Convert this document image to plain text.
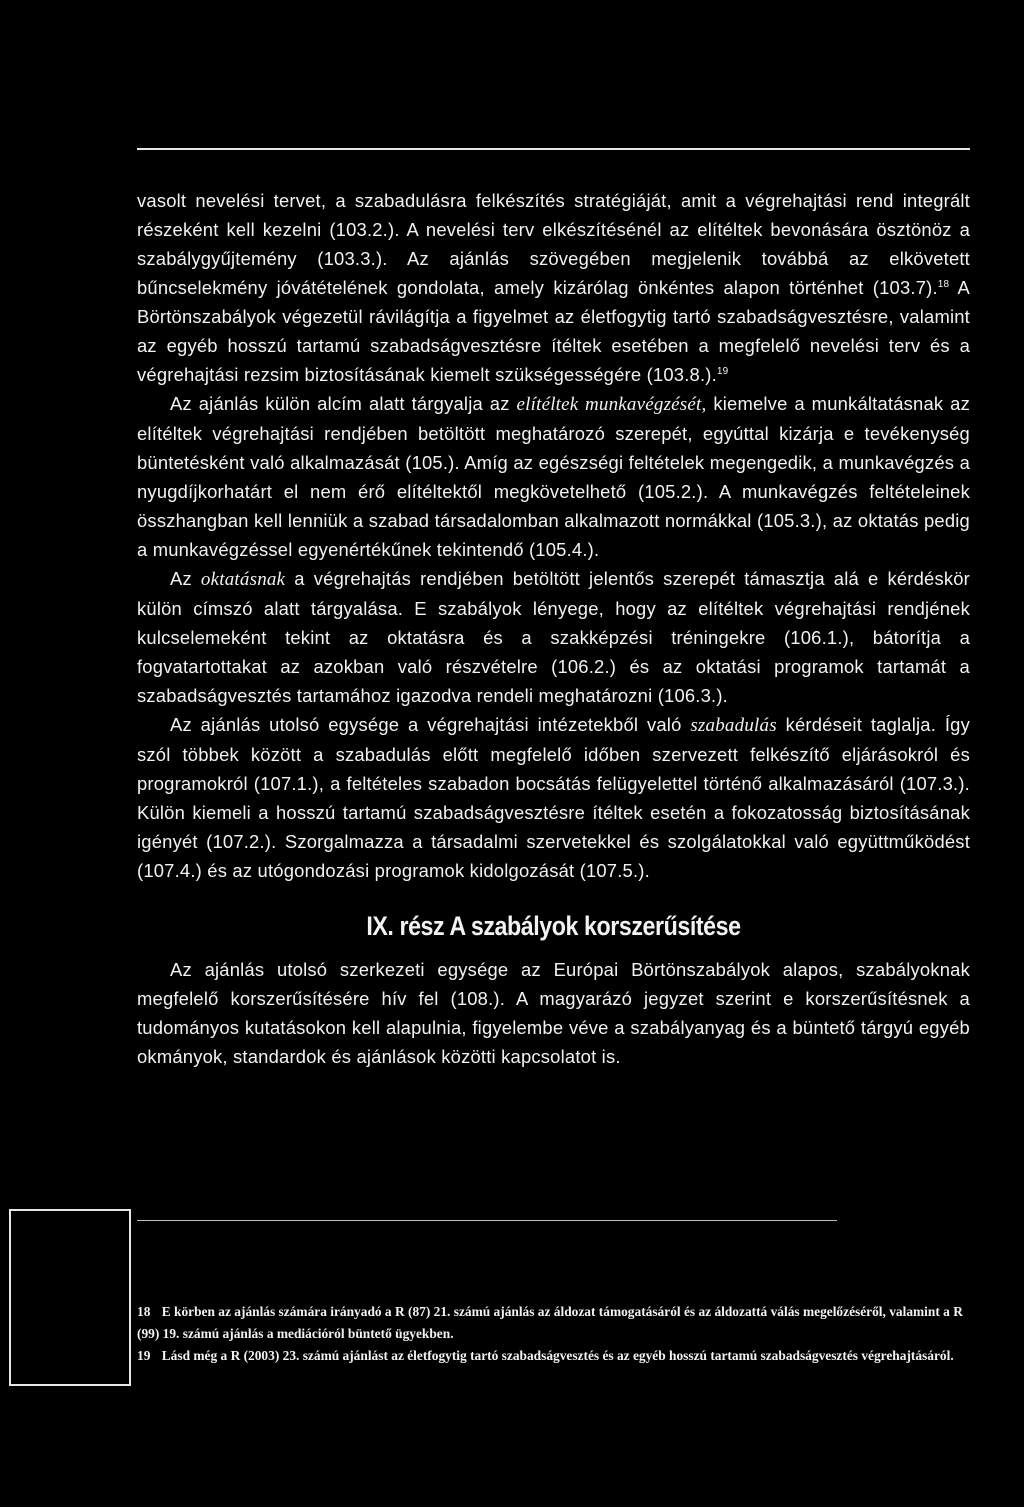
vasolt nevelési tervet, a szabadulásra felkészítés stratégiáját, amit a végrehajtási rend integrált részeként kell kezelni (103.2.). A nevelési terv elkészítésénél az elítéltek bevonására ösztönöz a szabálygyűjtemény (103.3.). Az ajánlás szövegében megjelenik továbbá az elkövetett bűncselekmény jóvátételének gondolata, amely kizárólag önkéntes alapon történhet (103.7).$^{18}$ A Börtönszabályok végezetül rávilágítja a figyelmet az életfogytig tartó szabadságvesztésre, valamint az egyéb hosszú tartamú szabadságvesztésre ítéltek esetében a megfelelő nevelési terv és a végrehajtási rezsim biztosításának kiemelt szükségességére (103.8.).$^{19}$

Az ajánlás külön alcím alatt tárgyalja az elítéltek munkavégzését, kiemelve a munkáltatásnak az elítéltek végrehajtási rendjében betöltött meghatározó szerepét, egyúttal kizárja e tevékenység büntetésként való alkalmazását (105.). Amíg az egészségi feltételek megengedik, a munkavégzés a nyugdíjkorhatárt el nem érő elítéltektől megkövetelhető (105.2.). A munkavégzés feltételeinek összhangban kell lenniük a szabad társadalomban alkalmazott normákkal (105.3.), az oktatás pedig a munkavégzéssel egyenértékűnek tekintendő (105.4.).

Az oktatásnak a végrehajtás rendjében betöltött jelentős szerepét támasztja alá e kérdéskör külön címszó alatt tárgyalása. E szabályok lényege, hogy az elítéltek végrehajtási rendjének kulcselemeként tekint az oktatásra és a szakképzési tréningekre (106.1.), bátorítja a fogvatartottakat az azokban való részvételre (106.2.) és az oktatási programok tartamát a szabadságvesztés tartamához igazodva rendeli meghatározni (106.3.).

Az ajánlás utolsó egysége a végrehajtási intézetekből való szabadulás kérdéseit taglalja. Így szól többek között a szabadulás előtt megfelelő időben szervezett felkészítő eljárásokról és programokról (107.1.), a feltételes szabadon bocsátás felügyelettel történő alkalmazásáról (107.3.). Külön kiemeli a hosszú tartamú szabadságvesztésre ítéltek esetén a fokozatosság biztosításának igényét (107.2.). Szorgalmazza a társadalmi szervetekkel és szolgálatokkal való együttműködést (107.4.) és az utógondozási programok kidolgozását (107.5.).

IX. rész A szabályok korszerűsítése

Az ajánlás utolsó szerkezeti egysége az Európai Börtönszabályok alapos, szabályoknak megfelelő korszerűsítésére hív fel (108.). A magyarázó jegyzet szerint e korszerűsítésnek a tudományos kutatásokon kell alapulnia, figyelembe véve a szabályanyag és a büntető tárgyú egyéb okmányok, standardok és ajánlások közötti kapcsolatot is.

18 E körben az ajánlás számára irányadó a R (87) 21. számú ajánlás az áldozat támogatásáról és az áldozattá válás megelőzéséről, valamint a R (99) 19. számú ajánlás a mediációról büntető ügyekben.
19 Lásd még a R (2003) 23. számú ajánlást az életfogytig tartó szabadságvesztés és az egyéb hosszú tartamú szabadságvesztés végrehajtásáról.
